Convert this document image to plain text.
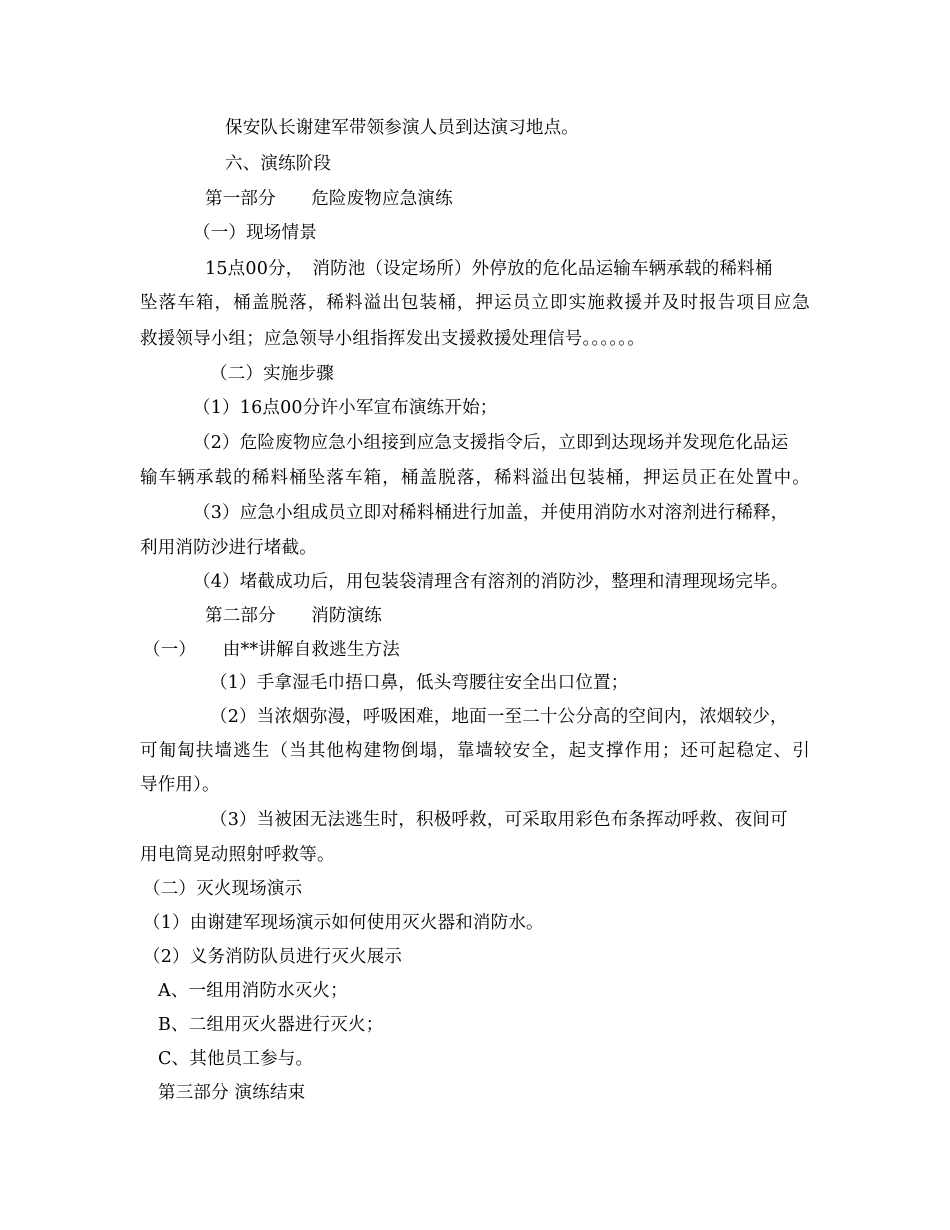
保安队长谢建军带领参演人员到达演习地点。
六、演练阶段
第一部分　　危险废物应急演练
（一）现场情景
15点00分，　消防池（设定场所）外停放的危化品运输车辆承载的稀料桶
坠落车箱，桶盖脱落，稀料溢出包装桶，押运员立即实施救援并及时报告项目应急
救援领导小组；应急领导小组指挥发出支援救援处理信号。。。。。。
（二）实施步骤
（1）16点00分许小军宣布演练开始；
（2）危险废物应急小组接到应急支援指令后，立即到达现场并发现危化品运
输车辆承载的稀料桶坠落车箱，桶盖脱落，稀料溢出包装桶，押运员正在处置中。
（3）应急小组成员立即对稀料桶进行加盖，并使用消防水对溶剂进行稀释，
利用消防沙进行堵截。
（4）堵截成功后，用包装袋清理含有溶剂的消防沙，整理和清理现场完毕。
第二部分　　消防演练
（一）　　由**讲解自救逃生方法
（1）手拿湿毛巾捂口鼻，低头弯腰往安全出口位置；
（2）当浓烟弥漫，呼吸困难，地面一至二十公分高的空间内，浓烟较少，
可匍匐扶墙逃生（当其他构建物倒塌，靠墙较安全，起支撑作用；还可起稳定、引
导作用）。
（3）当被困无法逃生时，积极呼救，可采取用彩色布条挥动呼救、夜间可
用电筒晃动照射呼救等。
（二）灭火现场演示
（1）由谢建军现场演示如何使用灭火器和消防水。
（2）义务消防队员进行灭火展示
A、一组用消防水灭火；
B、二组用灭火器进行灭火；
C、其他员工参与。
第三部分 演练结束
